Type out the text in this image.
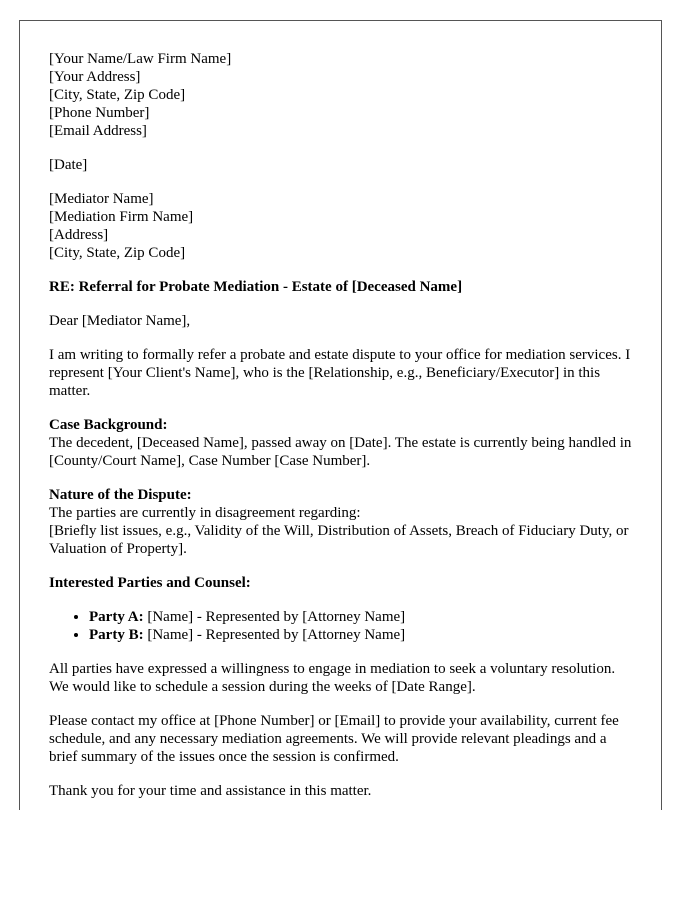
[Your Name/Law Firm Name]
[Your Address]
[City, State, Zip Code]
[Phone Number]
[Email Address]
[Date]
[Mediator Name]
[Mediation Firm Name]
[Address]
[City, State, Zip Code]
RE: Referral for Probate Mediation - Estate of [Deceased Name]

Dear [Mediator Name],

I am writing to formally refer a probate and estate dispute to your office for mediation services. I represent [Your Client's Name], who is the [Relationship, e.g., Beneficiary/Executor] in this matter.

Case Background:
The decedent, [Deceased Name], passed away on [Date]. The estate is currently being handled in [County/Court Name], Case Number [Case Number].

Nature of the Dispute:
The parties are currently in disagreement regarding:
[Briefly list issues, e.g., Validity of the Will, Distribution of Assets, Breach of Fiduciary Duty, or Valuation of Property].

Interested Parties and Counsel:

• Party A: [Name] - Represented by [Attorney Name]
• Party B: [Name] - Represented by [Attorney Name]

All parties have expressed a willingness to engage in mediation to seek a voluntary resolution. We would like to schedule a session during the weeks of [Date Range].

Please contact my office at [Phone Number] or [Email] to provide your availability, current fee schedule, and any necessary mediation agreements. We will provide relevant pleadings and a brief summary of the issues once the session is confirmed.

Thank you for your time and assistance in this matter.
